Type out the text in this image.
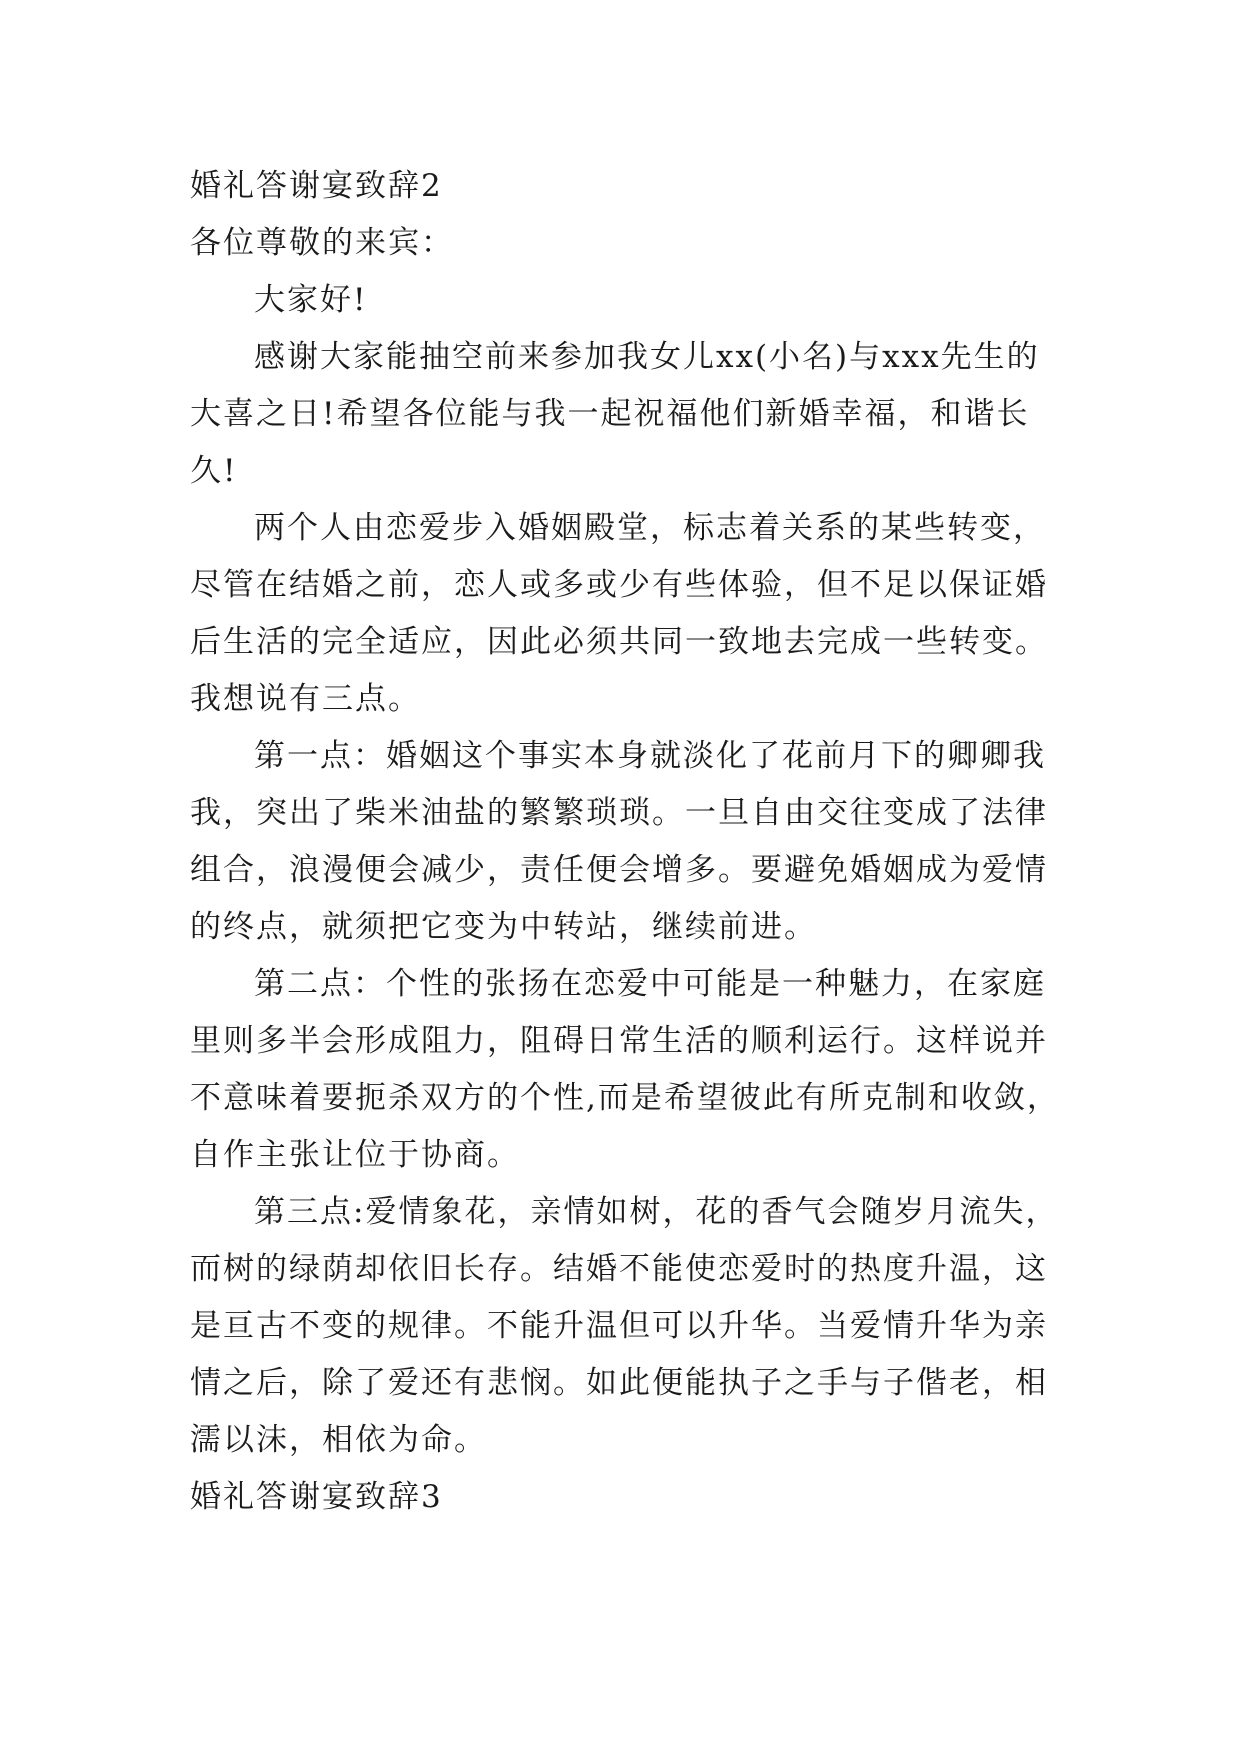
婚礼答谢宴致辞2
各位尊敬的来宾：
大家好!
感谢大家能抽空前来参加我女儿xx(小名)与xxx先生的
大喜之日!希望各位能与我一起祝福他们新婚幸福，和谐长
久!
两个人由恋爱步入婚姻殿堂，标志着关系的某些转变，
尽管在结婚之前，恋人或多或少有些体验，但不足以保证婚
后生活的完全适应，因此必须共同一致地去完成一些转变。
我想说有三点。
第一点：婚姻这个事实本身就淡化了花前月下的卿卿我
我，突出了柴米油盐的繁繁琐琐。一旦自由交往变成了法律
组合，浪漫便会减少，责任便会增多。要避免婚姻成为爱情
的终点，就须把它变为中转站，继续前进。
第二点：个性的张扬在恋爱中可能是一种魅力，在家庭
里则多半会形成阻力，阻碍日常生活的顺利运行。这样说并
不意味着要扼杀双方的个性,而是希望彼此有所克制和收敛，
自作主张让位于协商。
第三点:爱情象花，亲情如树，花的香气会随岁月流失，
而树的绿荫却依旧长存。结婚不能使恋爱时的热度升温，这
是亘古不变的规律。不能升温但可以升华。当爱情升华为亲
情之后，除了爱还有悲悯。如此便能执子之手与子偕老，相
濡以沫，相依为命。
婚礼答谢宴致辞3
